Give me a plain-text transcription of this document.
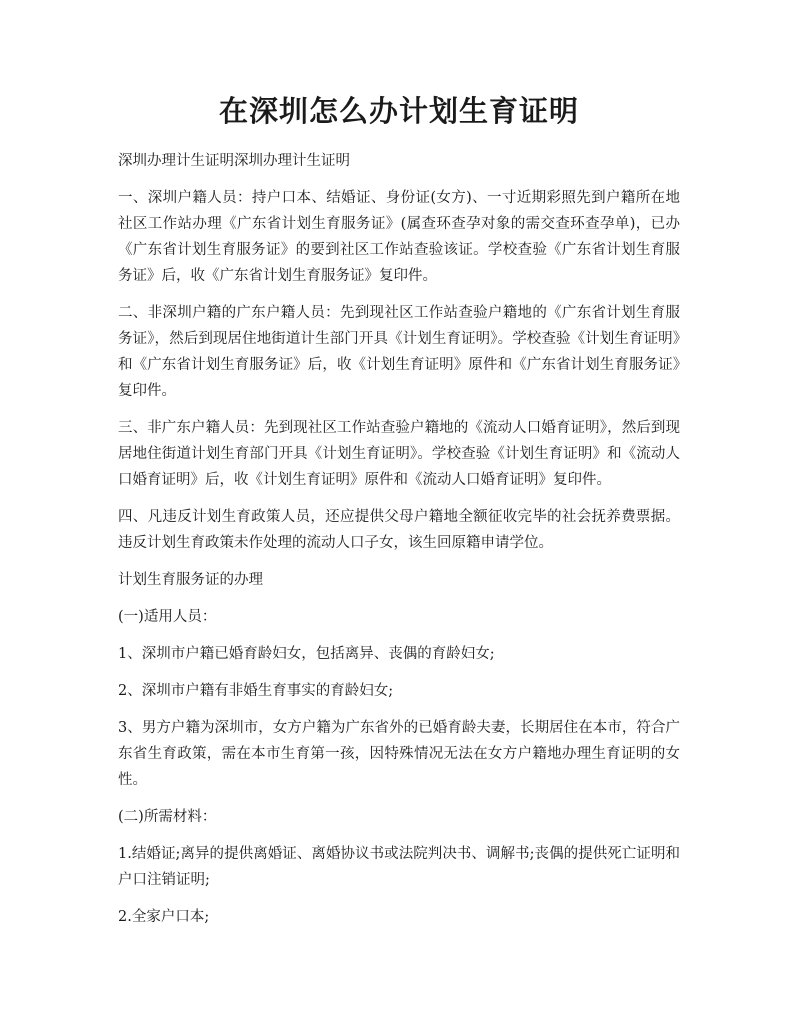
在深圳怎么办计划生育证明

深圳办理计生证明深圳办理计生证明

一、深圳户籍人员：持户口本、结婚证、身份证(女方)、一寸近期彩照先到户籍所在地社区工作站办理《广东省计划生育服务证》(属查环查孕对象的需交查环查孕单)，已办《广东省计划生育服务证》的要到社区工作站查验该证。学校查验《广东省计划生育服务证》后，收《广东省计划生育服务证》复印件。

二、非深圳户籍的广东户籍人员：先到现社区工作站查验户籍地的《广东省计划生育服务证》，然后到现居住地街道计生部门开具《计划生育证明》。学校查验《计划生育证明》和《广东省计划生育服务证》后，收《计划生育证明》原件和《广东省计划生育服务证》复印件。

三、非广东户籍人员：先到现社区工作站查验户籍地的《流动人口婚育证明》，然后到现居地住街道计划生育部门开具《计划生育证明》。学校查验《计划生育证明》和《流动人口婚育证明》后，收《计划生育证明》原件和《流动人口婚育证明》复印件。

四、凡违反计划生育政策人员，还应提供父母户籍地全额征收完毕的社会抚养费票据。违反计划生育政策未作处理的流动人口子女，该生回原籍申请学位。

计划生育服务证的办理

(一)适用人员：

1、深圳市户籍已婚育龄妇女，包括离异、丧偶的育龄妇女;

2、深圳市户籍有非婚生育事实的育龄妇女;

3、男方户籍为深圳市，女方户籍为广东省外的已婚育龄夫妻，长期居住在本市，符合广东省生育政策，需在本市生育第一孩，因特殊情况无法在女方户籍地办理生育证明的女性。

(二)所需材料：

1.结婚证;离异的提供离婚证、离婚协议书或法院判决书、调解书;丧偶的提供死亡证明和户口注销证明;

2.全家户口本;
